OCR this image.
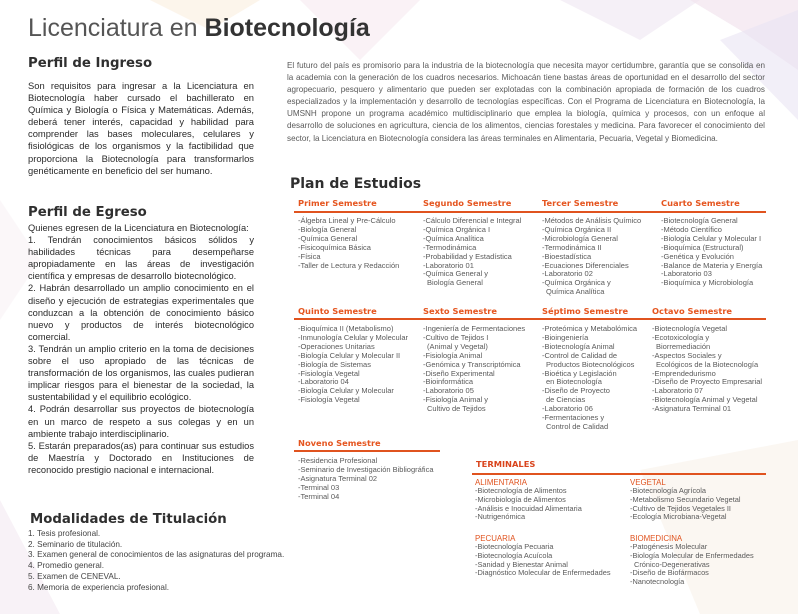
Licenciatura en Biotecnología
Perfil de Ingreso
Son requisitos para ingresar a la Licenciatura en Biotecnología haber cursado el bachillerato en Química y Biología o Física y Matemáticas. Además, deberá tener interés, capacidad y habilidad para comprender las bases moleculares, celulares y fisiológicas de los organismos y la factibilidad que proporciona la Biotecnología para transformarlos genéticamente en beneficio del ser humano.
Perfil de Egreso
Quienes egresen de la Licenciatura en Biotecnología:
1. Tendrán conocimientos básicos sólidos y habilidades técnicas para desempeñarse apropiadamente en las áreas de investigación científica y empresas de desarrollo biotecnológico.
2. Habrán desarrollado un amplio conocimiento en el diseño y ejecución de estrategias experimentales que conduzcan a la obtención de conocimiento básico nuevo y productos de interés biotecnológico comercial.
3. Tendrán un amplio criterio en la toma de decisiones sobre el uso apropiado de las técnicas de transformación de los organismos, las cuales pudieran implicar riesgos para el bienestar de la sociedad, la sustentabilidad y el equilibrio ecológico.
4. Podrán desarrollar sus proyectos de biotecnología en un marco de respeto a sus colegas y en un ambiente trabajo interdisciplinario.
5. Estarán preparados(as) para continuar sus estudios de Maestría y Doctorado en Instituciones de reconocido prestigio nacional e internacional.
Modalidades de Titulación
1. Tesis profesional.
2. Seminario de titulación.
3. Examen general de conocimientos de las asignaturas del programa.
4. Promedio general.
5. Examen de CENEVAL.
6. Memoria de experiencia profesional.
El futuro del país es promisorio para la industria de la biotecnología que necesita mayor certidumbre, garantía que se consolida en la academia con la generación de los cuadros necesarios. Michoacán tiene bastas áreas de oportunidad en el desarrollo del sector agropecuario, pesquero y alimentario que pueden ser explotadas con la combinación apropiada de formación de los cuadros especializados y la implementación y desarrollo de tecnologías específicas. Con el Programa de Licenciatura en Biotecnología, la UMSNH propone un programa académico multidisciplinario que emplea la biología, química y procesos, con un enfoque al desarrollo de soluciones en agricultura, ciencia de los alimentos, ciencias forestales y medicina. Para favorecer el conocimiento del sector, la Licenciatura en Biotecnología considera las áreas terminales en Alimentaria, Pecuaria, Vegetal y Biomedicina.
Plan de Estudios
Primer Semestre
-Álgebra Lineal y Pre-Cálculo
-Biología General
-Química General
-Fisicoquímica Básica
-Física
-Taller de Lectura y Redacción
Segundo Semestre
-Cálculo Diferencial e Integral
-Química Orgánica I
-Química Analítica
-Termodinámica
-Probabilidad y Estadística
-Laboratorio 01
-Química General y
Biología General
Tercer Semestre
-Métodos de Análisis Químico
-Química Orgánica II
-Microbiología General
-Termodinámica II
-Bioestadística
-Ecuaciones Diferenciales
-Laboratorio 02
-Química Orgánica y
Química Analítica
Cuarto Semestre
-Biotecnología General
-Método Científico
-Biología Celular y Molecular I
-Bioquímica (Estructural)
-Genética y Evolución
-Balance de Materia y Energía
-Laboratorio 03
-Bioquímica y Microbiología
Quinto Semestre
-Bioquímica II (Metabolismo)
-Inmunología Celular y Molecular
-Operaciones Unitarias
-Biología Celular y Molecular II
-Biología de Sistemas
-Fisiología Vegetal
-Laboratorio 04
-Biología Celular y Molecular
-Fisiología Vegetal
Sexto Semestre
-Ingeniería de Fermentaciones
-Cultivo de Tejidos I
(Animal y Vegetal)
-Fisiología Animal
-Genómica y Transcriptómica
-Diseño Experimental
-Bioinformática
-Laboratorio 05
-Fisiología Animal y
Cultivo de Tejidos
Séptimo Semestre
-Proteómica y Metabolómica
-Bioingeniería
-Biotecnología Animal
-Control de Calidad de
Productos Biotecnológicos
-Bioética y Legislación
en Biotecnología
-Diseño de Proyecto
de Ciencias
-Laboratorio 06
-Fermentaciones y
Control de Calidad
Octavo Semestre
-Biotecnología Vegetal
-Ecotoxicología y
Biorremediación
-Aspectos Sociales y
Ecológicos de la Biotecnología
-Emprendedurismo
-Diseño de Proyecto Empresarial
-Laboratorio 07
-Biotecnología Animal y Vegetal
-Asignatura Terminal 01
Noveno Semestre
-Residencia Profesional
-Seminario de Investigación Bibliográfica
-Asignatura Terminal 02
-Terminal 03
-Terminal 04
TERMINALES
ALIMENTARIA
-Biotecnología de Alimentos
-Microbiología de Alimentos
-Análisis e Inocuidad Alimentaria
-Nutrigenómica
VEGETAL
-Biotecnología Agrícola
-Metabolismo Secundario Vegetal
-Cultivo de Tejidos Vegetales II
-Ecología Microbiana-Vegetal
PECUARIA
-Biotecnología Pecuaria
-Biotecnología Acuícola
-Sanidad y Bienestar Animal
-Diagnóstico Molecular de Enfermedades
BIOMEDICINA
-Patogénesis Molecular
-Biología Molecular de Enfermedades
Crónico-Degenerativas
-Diseño de Biofármacos
-Nanotecnología
